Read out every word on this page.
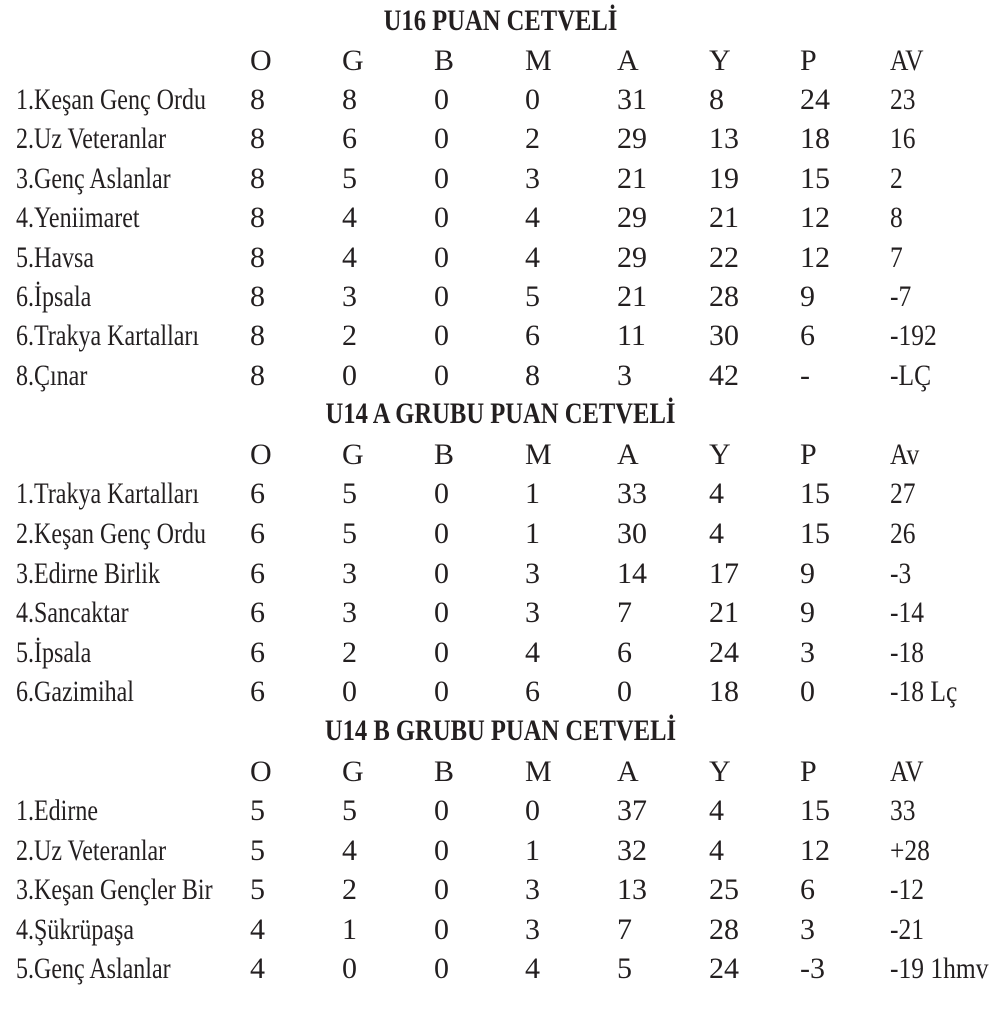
U16 PUAN CETVELİ
O G B M A Y P AV
1.Keşan Genç Ordu 8	8	0	0	31 8	24 23
2.Uz Veteranlar	8	6	0	2	29 13 18 16
3.Genç Aslanlar	8	5	0	3	21 19 15 2
4.Yeniimaret	8	4	0	4	29 21 12 8
5.Havsa	8	4	0	4	29 22 12 7
6.İpsala	8	3	0	5	21 28 9	-7
6.Trakya Kartalları 8	2	0	6	11 30 6	-192
8.Çınar	8	0	0	8	3	42 -	-LÇ
U14 A GRUBU PUAN CETVELİ
O G B M A Y P Av
1.Trakya Kartalları 6	5	0	1	33 4	15 27
2.Keşan Genç Ordu 6	5	0	1	30 4	15 26
3.Edirne Birlik	6	3	0	3	14 17 9	-3
4.Sancaktar	6	3	0	3	7	21 9	-14
5.İpsala	6	2	0	4	6	24 3	-18
6.Gazimihal	6	0	0	6	0	18 0	-18 Lç
U14 B GRUBU PUAN CETVELİ
O G B M A Y P AV
1.Edirne	5	5	0	0	37 4	15 33
2.Uz Veteranlar	5	4	0	1	32 4	12 +28
3.Keşan Gençler Bir 5	2	0	3	13 25 6	-12
4.Şükrüpaşa	4	1	0	3	7	28 3	-21
5.Genç Aslanlar	4	0	0	4	5	24 -3 -19 1hmv
